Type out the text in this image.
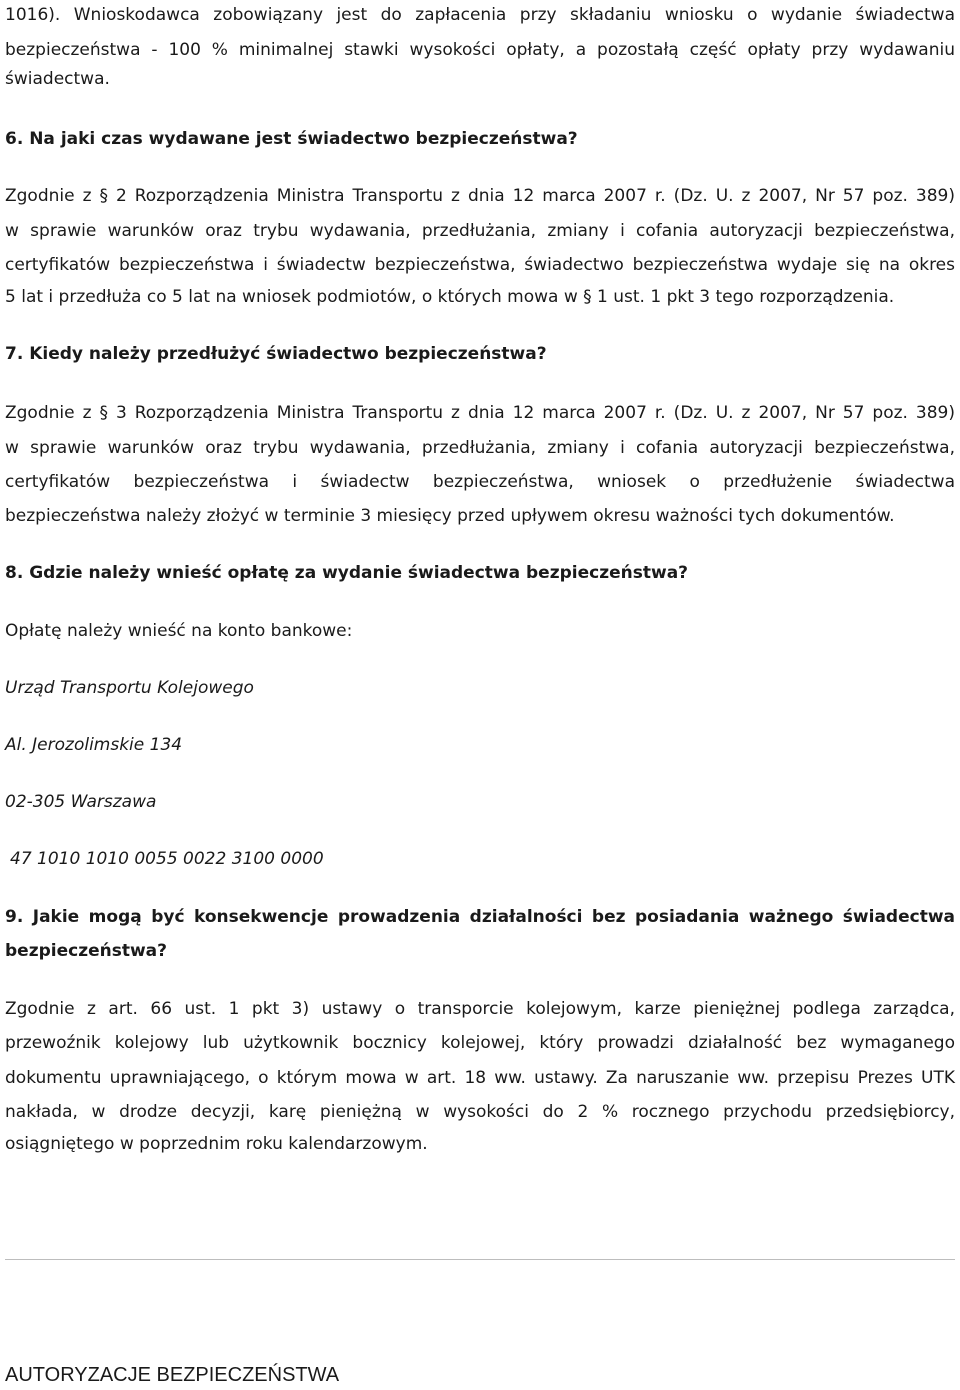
1016). Wnioskodawca zobowiązany jest do zapłacenia przy składaniu wniosku o wydanie świadectwa
bezpieczeństwa - 100 % minimalnej stawki wysokości opłaty, a pozostałą część opłaty przy wydawaniu
świadectwa.
6. Na jaki czas wydawane jest świadectwo bezpieczeństwa?
Zgodnie z § 2 Rozporządzenia Ministra Transportu z dnia 12 marca 2007 r. (Dz. U. z 2007, Nr 57 poz. 389)
w sprawie warunków oraz trybu wydawania, przedłużania, zmiany i cofania autoryzacji bezpieczeństwa,
certyfikatów bezpieczeństwa i świadectw bezpieczeństwa, świadectwo bezpieczeństwa wydaje się na okres
5 lat i przedłuża co 5 lat na wniosek podmiotów, o których mowa w § 1 ust. 1 pkt 3 tego rozporządzenia.
7. Kiedy należy przedłużyć świadectwo bezpieczeństwa?
Zgodnie z § 3 Rozporządzenia Ministra Transportu z dnia 12 marca 2007 r. (Dz. U. z 2007, Nr 57 poz. 389)
w sprawie warunków oraz trybu wydawania, przedłużania, zmiany i cofania autoryzacji bezpieczeństwa,
certyfikatów bezpieczeństwa i świadectw bezpieczeństwa, wniosek o przedłużenie świadectwa
bezpieczeństwa należy złożyć w terminie 3 miesięcy przed upływem okresu ważności tych dokumentów.
8. Gdzie należy wnieść opłatę za wydanie świadectwa bezpieczeństwa?
Opłatę należy wnieść na konto bankowe:
Urząd Transportu Kolejowego
Al. Jerozolimskie 134
02-305 Warszawa
47 1010 1010 0055 0022 3100 0000
9. Jakie mogą być konsekwencje prowadzenia działalności bez posiadania ważnego świadectwa
bezpieczeństwa?
Zgodnie z art. 66 ust. 1 pkt 3) ustawy o transporcie kolejowym, karze pieniężnej podlega zarządca,
przewoźnik kolejowy lub użytkownik bocznicy kolejowej, który prowadzi działalność bez wymaganego
dokumentu uprawniającego, o którym mowa w art. 18 ww. ustawy. Za naruszanie ww. przepisu Prezes UTK
nakłada, w drodze decyzji, karę pieniężną w wysokości do 2 % rocznego przychodu przedsiębiorcy,
osiągniętego w poprzednim roku kalendarzowym.
AUTORYZACJE BEZPIECZEŃSTWA
